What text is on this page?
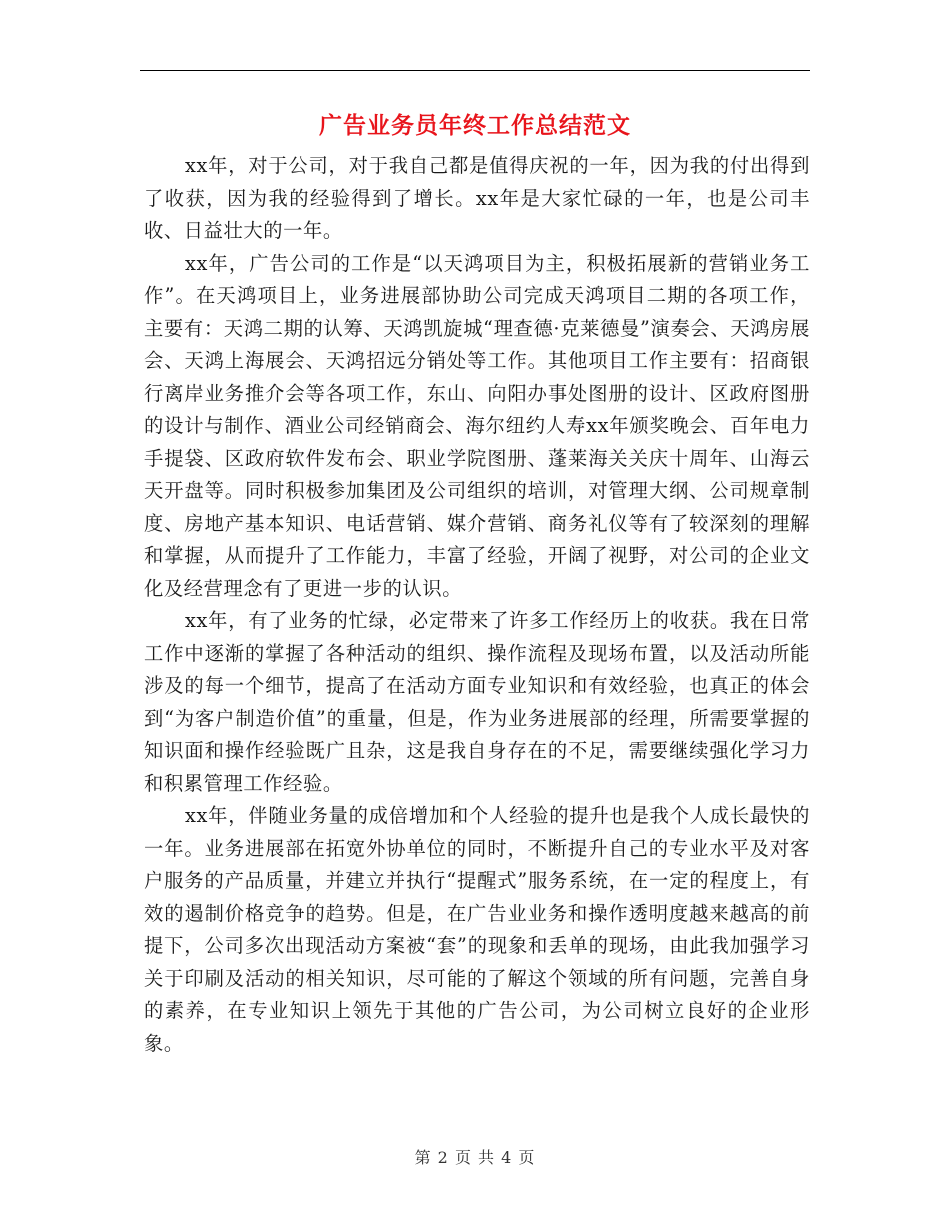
广告业务员年终工作总结范文

xx年，对于公司，对于我自己都是值得庆祝的一年，因为我的付出得到了收获，因为我的经验得到了增长。xx年是大家忙碌的一年，也是公司丰收、日益壮大的一年。

xx年，广告公司的工作是“以天鸿项目为主，积极拓展新的营销业务工作”。在天鸿项目上，业务进展部协助公司完成天鸿项目二期的各项工作，主要有：天鸿二期的认筹、天鸿凯旋城“理查德·克莱德曼”演奏会、天鸿房展会、天鸿上海展会、天鸿招远分销处等工作。其他项目工作主要有：招商银行离岸业务推介会等各项工作，东山、向阳办事处图册的设计、区政府图册的设计与制作、酒业公司经销商会、海尔纽约人寿xx年颁奖晚会、百年电力手提袋、区政府软件发布会、职业学院图册、蓬莱海关关庆十周年、山海云天开盘等。同时积极参加集团及公司组织的培训，对管理大纲、公司规章制度、房地产基本知识、电话营销、媒介营销、商务礼仪等有了较深刻的理解和掌握，从而提升了工作能力，丰富了经验，开阔了视野，对公司的企业文化及经营理念有了更进一步的认识。

xx年，有了业务的忙绿，必定带来了许多工作经历上的收获。我在日常工作中逐渐的掌握了各种活动的组织、操作流程及现场布置，以及活动所能涉及的每一个细节，提高了在活动方面专业知识和有效经验，也真正的体会到“为客户制造价值”的重量，但是，作为业务进展部的经理，所需要掌握的知识面和操作经验既广且杂，这是我自身存在的不足，需要继续强化学习力和积累管理工作经验。

xx年，伴随业务量的成倍增加和个人经验的提升也是我个人成长最快的一年。业务进展部在拓宽外协单位的同时，不断提升自己的专业水平及对客户服务的产品质量，并建立并执行“提醒式”服务系统，在一定的程度上，有效的遏制价格竞争的趋势。但是，在广告业业务和操作透明度越来越高的前提下，公司多次出现活动方案被“套”的现象和丢单的现场，由此我加强学习关于印刷及活动的相关知识，尽可能的了解这个领域的所有问题，完善自身的素养，在专业知识上领先于其他的广告公司，为公司树立良好的企业形象。

第 2 页 共 4 页
